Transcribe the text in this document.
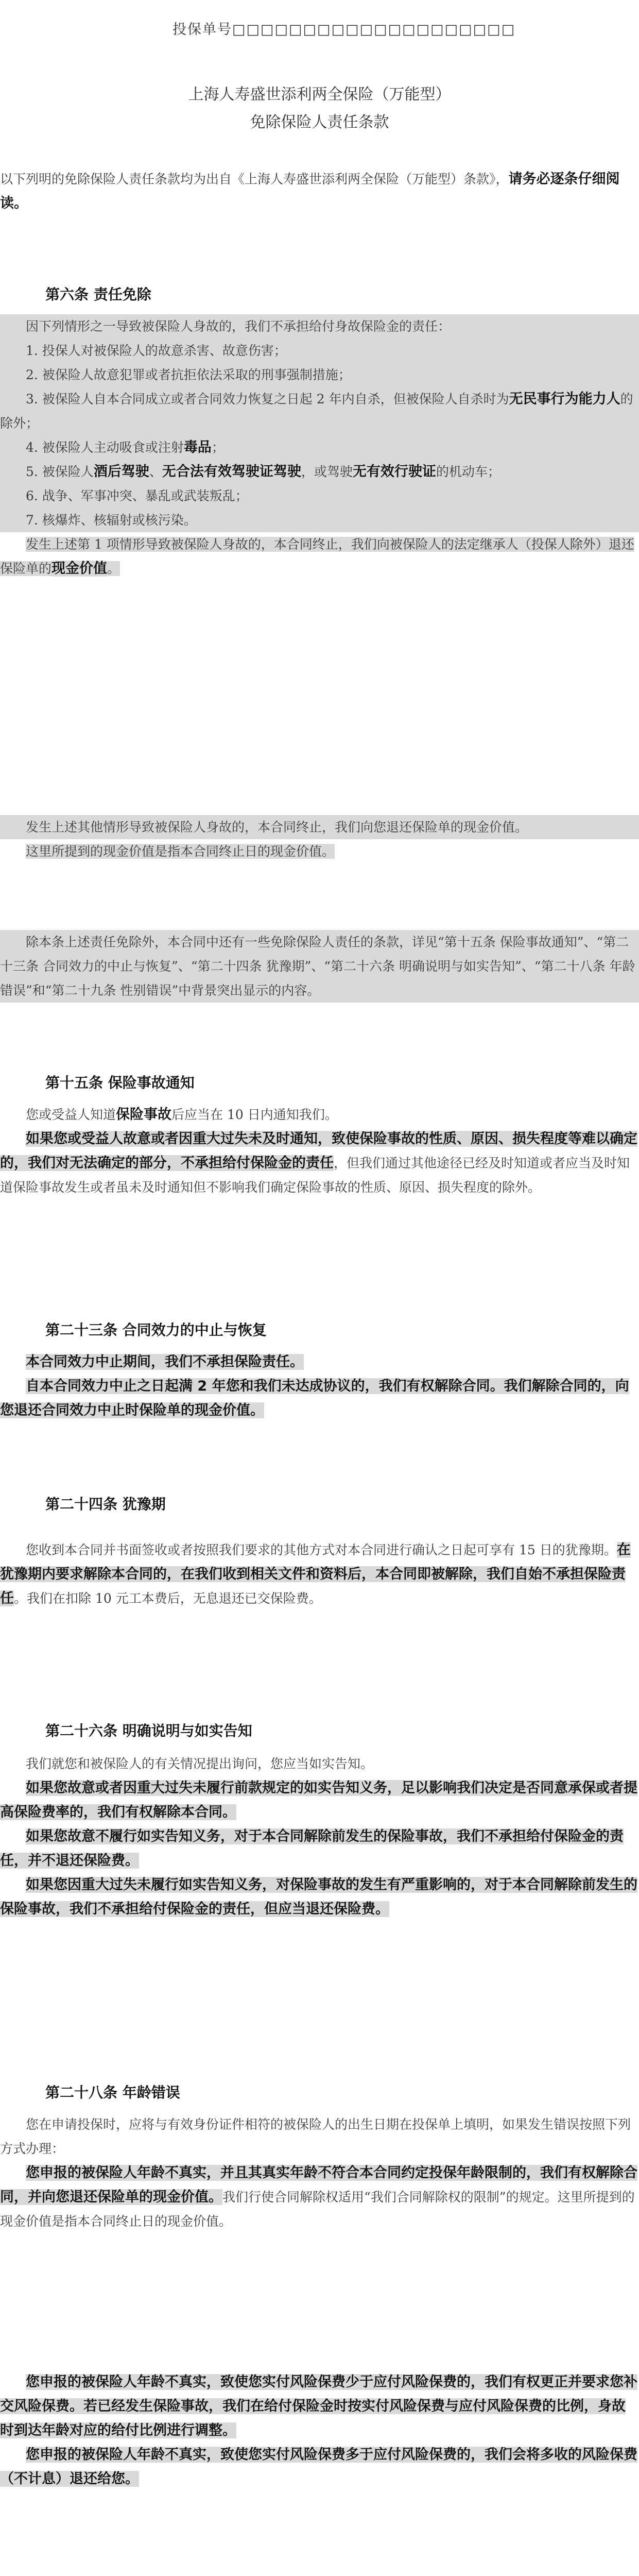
投保单号□□□□□□□□□□□□□□□□□□□□
上海人寿盛世添利两全保险（万能型）
免除保险人责任条款

以下列明的免除保险人责任条款均为出自《上海人寿盛世添利两全保险（万能型）条款》，请务必逐条仔细阅读。

第六条 责任免除

因下列情形之一导致被保险人身故的，我们不承担给付身故保险金的责任：

1. 投保人对被保险人的故意杀害、故意伤害；

2. 被保险人故意犯罪或者抗拒依法采取的刑事强制措施；

3. 被保险人自本合同成立或者合同效力恢复之日起 2 年内自杀，但被保险人自杀时为无民事行为能力人的除外；

4. 被保险人主动吸食或注射毒品；

5. 被保险人酒后驾驶、无合法有效驾驶证驾驶，或驾驶无有效行驶证的机动车；

6. 战争、军事冲突、暴乱或武装叛乱；

7. 核爆炸、核辐射或核污染。

发生上述第 1 项情形导致被保险人身故的，本合同终止，我们向被保险人的法定继承人（投保人除外）退还保险单的现金价值。

发生上述其他情形导致被保险人身故的，本合同终止，我们向您退还保险单的现金价值。

这里所提到的现金价值是指本合同终止日的现金价值。

除本条上述责任免除外，本合同中还有一些免除保险人责任的条款，详见“第十五条 保险事故通知”、“第二十三条 合同效力的中止与恢复”、“第二十四条 犹豫期”、“第二十六条 明确说明与如实告知”、“第二十八条 年龄错误”和“第二十九条 性别错误”中背景突出显示的内容。

第十五条 保险事故通知

您或受益人知道保险事故后应当在 10 日内通知我们。

如果您或受益人故意或者因重大过失未及时通知，致使保险事故的性质、原因、损失程度等难以确定的，我们对无法确定的部分，不承担给付保险金的责任，但我们通过其他途径已经及时知道或者应当及时知道保险事故发生或者虽未及时通知但不影响我们确定保险事故的性质、原因、损失程度的除外。

第二十三条 合同效力的中止与恢复

本合同效力中止期间，我们不承担保险责任。

自本合同效力中止之日起满 2 年您和我们未达成协议的，我们有权解除合同。我们解除合同的，向您退还合同效力中止时保险单的现金价值。

第二十四条 犹豫期

您收到本合同并书面签收或者按照我们要求的其他方式对本合同进行确认之日起可享有 15 日的犹豫期。在犹豫期内要求解除本合同的，在我们收到相关文件和资料后，本合同即被解除，我们自始不承担保险责任。我们在扣除 10 元工本费后，无息退还已交保险费。

第二十六条 明确说明与如实告知

我们就您和被保险人的有关情况提出询问，您应当如实告知。

如果您故意或者因重大过失未履行前款规定的如实告知义务，足以影响我们决定是否同意承保或者提高保险费率的，我们有权解除本合同。

如果您故意不履行如实告知义务，对于本合同解除前发生的保险事故，我们不承担给付保险金的责任，并不退还保险费。

如果您因重大过失未履行如实告知义务，对保险事故的发生有严重影响的，对于本合同解除前发生的保险事故，我们不承担给付保险金的责任，但应当退还保险费。

第二十八条 年龄错误

您在申请投保时，应将与有效身份证件相符的被保险人的出生日期在投保单上填明，如果发生错误按照下列方式办理：

您申报的被保险人年龄不真实，并且其真实年龄不符合本合同约定投保年龄限制的，我们有权解除合同，并向您退还保险单的现金价值。我们行使合同解除权适用“我们合同解除权的限制”的规定。这里所提到的现金价值是指本合同终止日的现金价值。

您申报的被保险人年龄不真实，致使您实付风险保费少于应付风险保费的，我们有权更正并要求您补交风险保费。若已经发生保险事故，我们在给付保险金时按实付风险保费与应付风险保费的比例，身故时到达年龄对应的给付比例进行调整。

您申报的被保险人年龄不真实，致使您实付风险保费多于应付风险保费的，我们会将多收的风险保费（不计息）退还给您。
